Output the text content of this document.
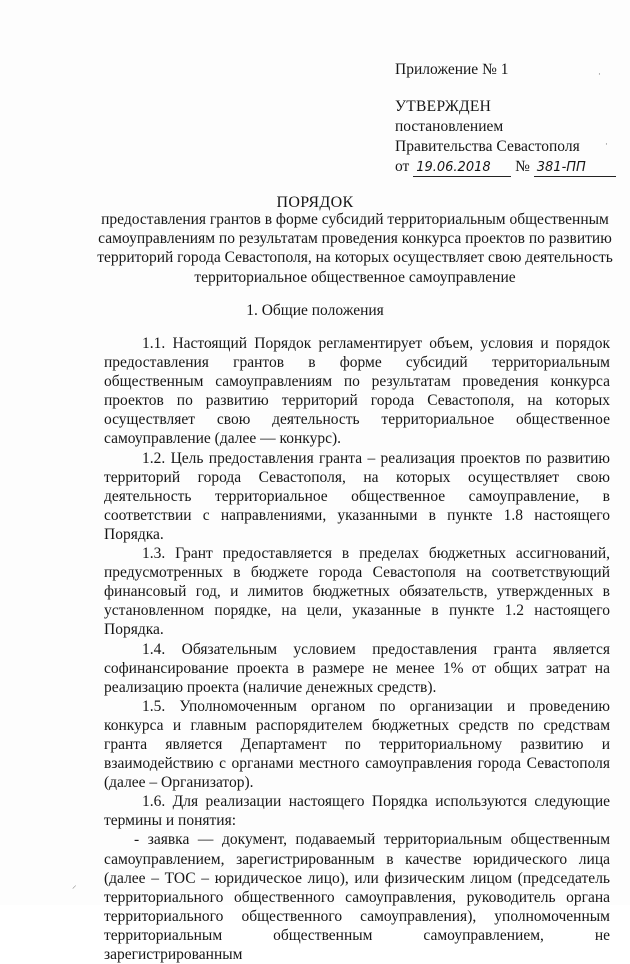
Приложение № 1
УТВЕРЖДЕН
постановлением
Правительства Севастополя
от 19.06.2018 № 381-ПП
ПОРЯДОК
предоставления грантов в форме субсидий территориальным общественным самоуправлениям по результатам проведения конкурса проектов по развитию территорий города Севастополя, на которых осуществляет свою деятельность территориальное общественное самоуправление
1. Общие положения

1.1. Настоящий Порядок регламентирует объем, условия и порядок предоставления грантов в форме субсидий территориальным общественным самоуправлениям по результатам проведения конкурса проектов по развитию территорий города Севастополя, на которых осуществляет свою деятельность территориальное общественное самоуправление (далее — конкурс).

1.2. Цель предоставления гранта – реализация проектов по развитию территорий города Севастополя, на которых осуществляет свою деятельность территориальное общественное самоуправление, в соответствии с направлениями, указанными в пункте 1.8 настоящего Порядка.

1.3. Грант предоставляется в пределах бюджетных ассигнований, предусмотренных в бюджете города Севастополя на соответствующий финансовый год, и лимитов бюджетных обязательств, утвержденных в установленном порядке, на цели, указанные в пункте 1.2 настоящего Порядка.

1.4. Обязательным условием предоставления гранта является софинансирование проекта в размере не менее 1% от общих затрат на реализацию проекта (наличие денежных средств).

1.5. Уполномоченным органом по организации и проведению конкурса и главным распорядителем бюджетных средств по средствам гранта является Департамент по территориальному развитию и взаимодействию с органами местного самоуправления города Севастополя (далее – Организатор).

1.6. Для реализации настоящего Порядка используются следующие термины и понятия:

- заявка — документ, подаваемый территориальным общественным самоуправлением, зарегистрированным в качестве юридического лица (далее – ТОС – юридическое лицо), или физическим лицом (председатель территориального общественного самоуправления, руководитель органа территориального общественного самоуправления), уполномоченным территориальным общественным самоуправлением, не зарегистрированным

⸝
·
·
